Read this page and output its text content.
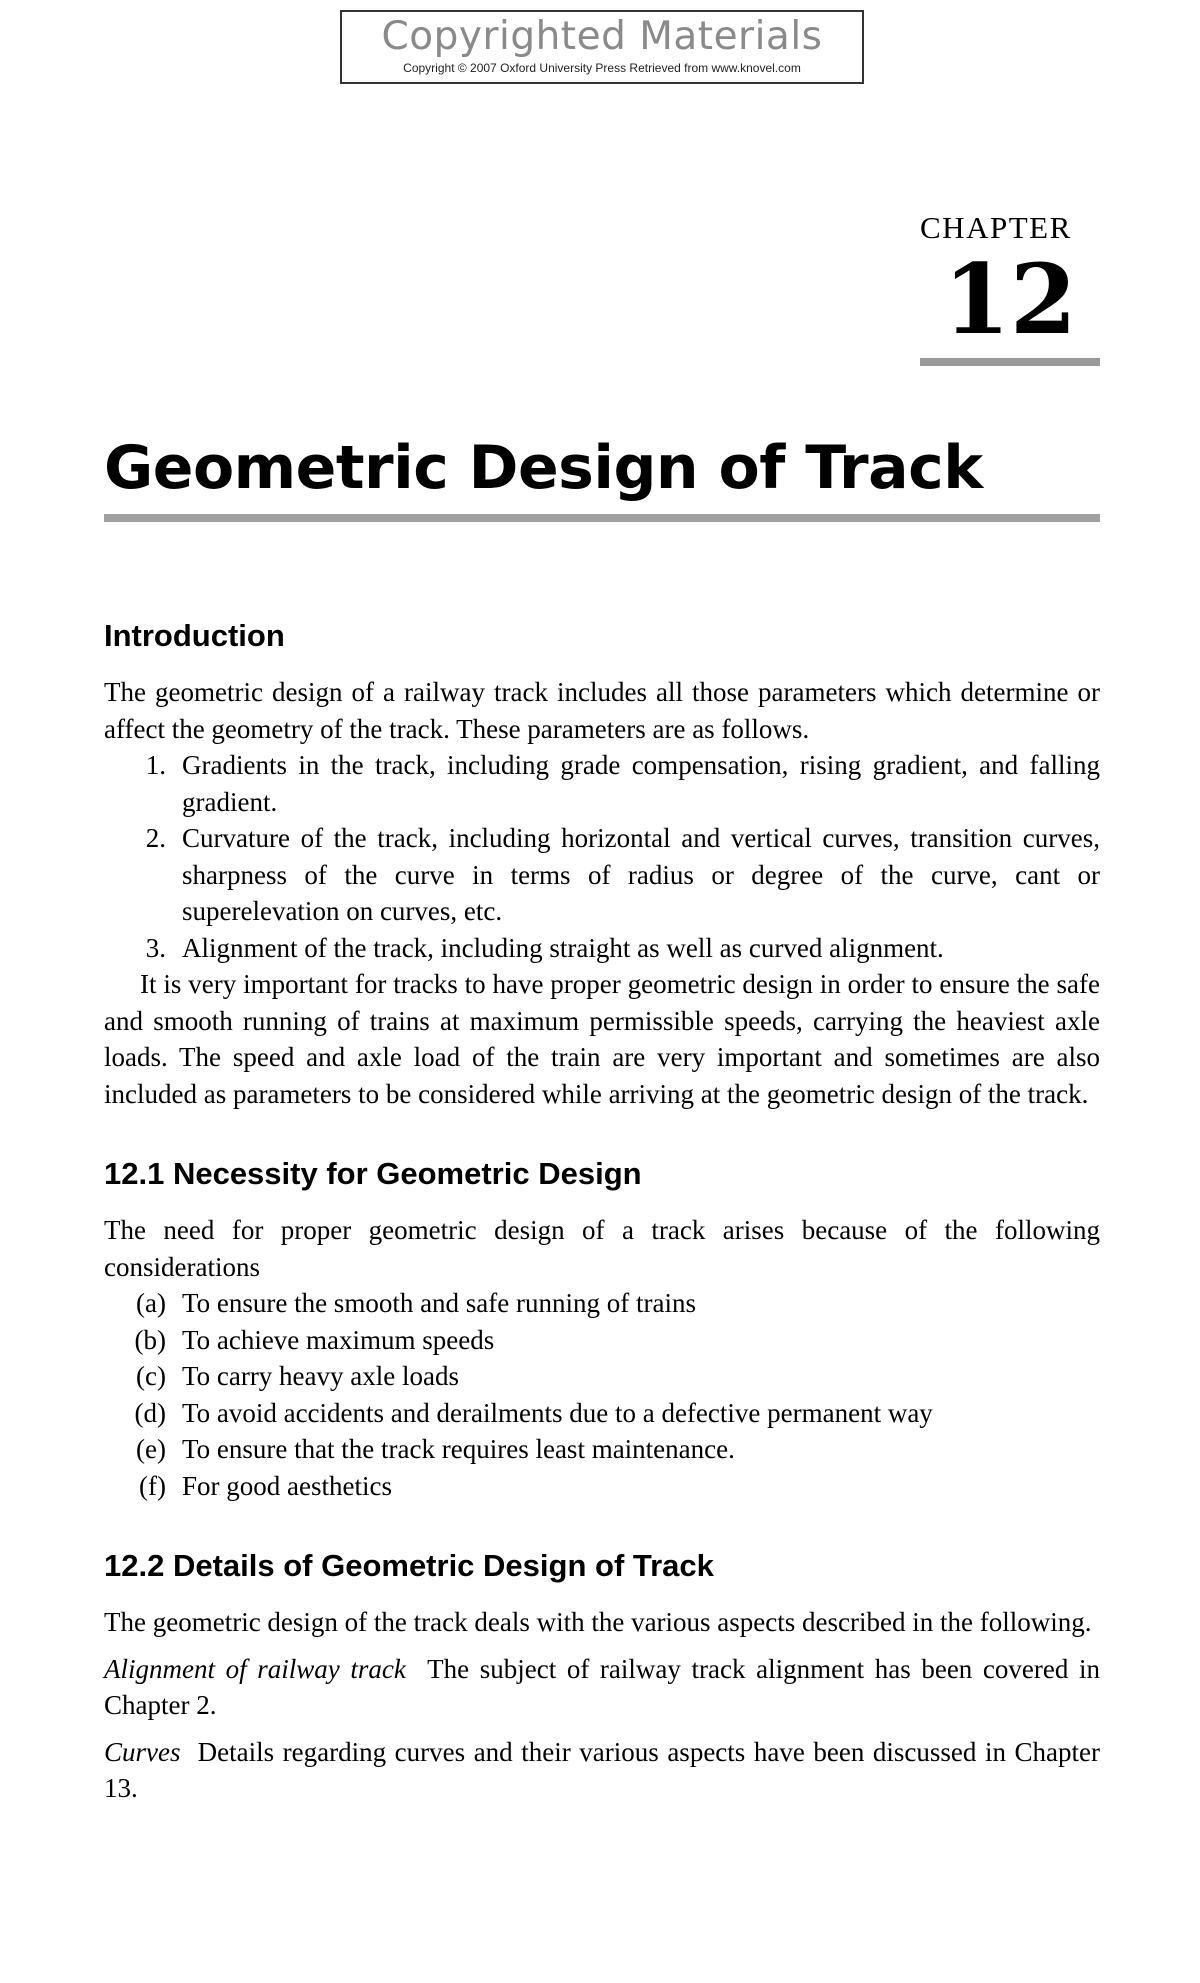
Copyrighted Materials
Copyright © 2007 Oxford University Press Retrieved from www.knovel.com
CHAPTER
12
Geometric Design of Track
Introduction

The geometric design of a railway track includes all those parameters which determine or affect the geometry of the track. These parameters are as follows.

1. Gradients in the track, including grade compensation, rising gradient, and falling gradient.
2. Curvature of the track, including horizontal and vertical curves, transition curves, sharpness of the curve in terms of radius or degree of the curve, cant or superelevation on curves, etc.
3. Alignment of the track, including straight as well as curved alignment.

It is very important for tracks to have proper geometric design in order to ensure the safe and smooth running of trains at maximum permissible speeds, carrying the heaviest axle loads. The speed and axle load of the train are very important and sometimes are also included as parameters to be considered while arriving at the geometric design of the track.

12.1 Necessity for Geometric Design

The need for proper geometric design of a track arises because of the following considerations

(a) To ensure the smooth and safe running of trains
(b) To achieve maximum speeds
(c) To carry heavy axle loads
(d) To avoid accidents and derailments due to a defective permanent way
(e) To ensure that the track requires least maintenance.
(f) For good aesthetics
12.2 Details of Geometric Design of Track

The geometric design of the track deals with the various aspects described in the following.

Alignment of railway track The subject of railway track alignment has been covered in Chapter 2.

Curves Details regarding curves and their various aspects have been discussed in Chapter 13.
